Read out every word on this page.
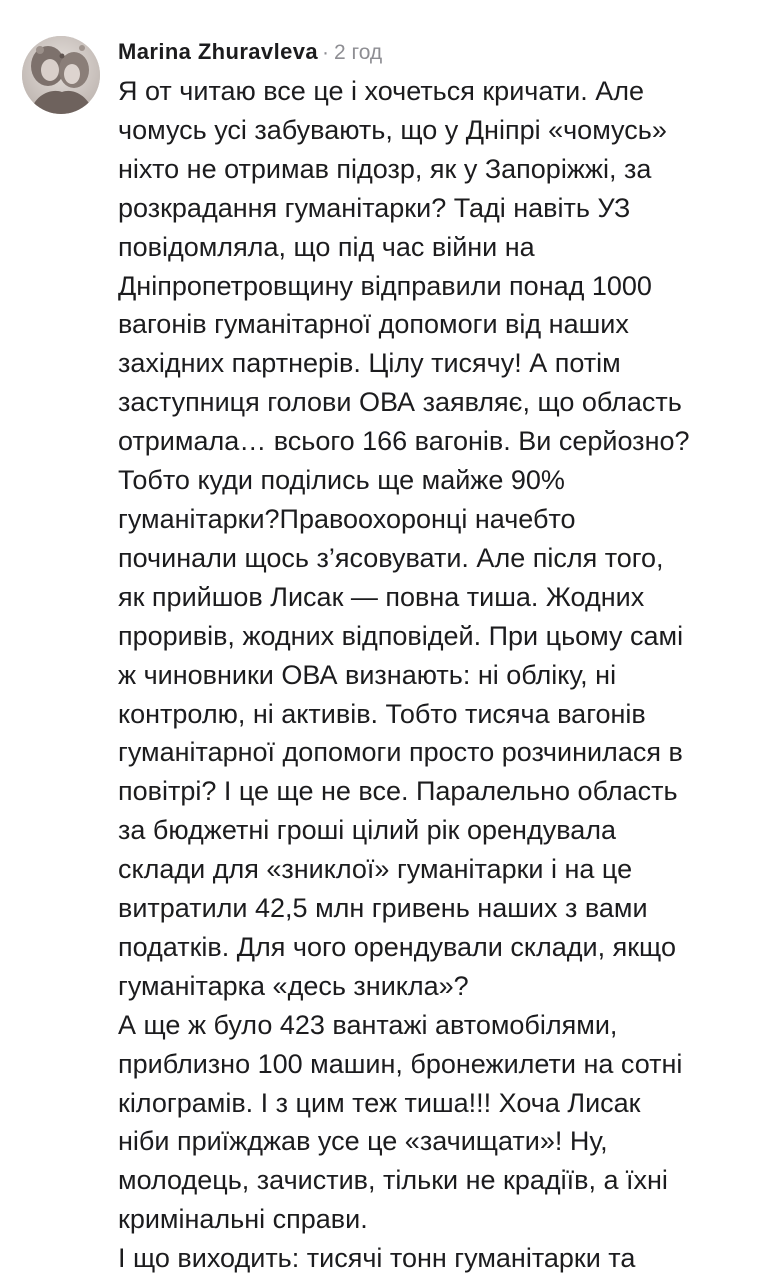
Marina Zhuravleva · 2 год
Я от читаю все це і хочеться кричати. Але
чомусь усі забувають, що у Дніпрі «чомусь»
ніхто не отримав підозр, як у Запоріжжі, за
розкрадання гуманітарки? Таді навіть УЗ
повідомляла, що під час війни на
Дніпропетровщину відправили понад 1000
вагонів гуманітарної допомоги від наших
західних партнерів. Цілу тисячу! А потім
заступниця голови ОВА заявляє, що область
отримала… всього 166 вагонів. Ви серйозно?
Тобто куди поділись ще майже 90%
гуманітарки?Правоохоронці начебто
починали щось з’ясовувати. Але після того,
як прийшов Лисак — повна тиша. Жодних
проривів, жодних відповідей. При цьому самі
ж чиновники ОВА визнають: ні обліку, ні
контролю, ні активів. Тобто тисяча вагонів
гуманітарної допомоги просто розчинилася в
повітрі? І це ще не все. Паралельно область
за бюджетні гроші цілий рік орендувала
склади для «зниклої» гуманітарки і на це
витратили 42,5 млн гривень наших з вами
податків. Для чого орендували склади, якщо
гуманітарка «десь зникла»?
А ще ж було 423 вантажі автомобілями,
приблизно 100 машин, бронежилети на сотні
кілограмів. І з цим теж тиша!!! Хоча Лисак
ніби приїжджав усе це «зачищати»! Ну,
молодець, зачистив, тільки не крадіїв, а їхні
кримінальні справи.
І що виходить: тисячі тонн гуманітарки та
